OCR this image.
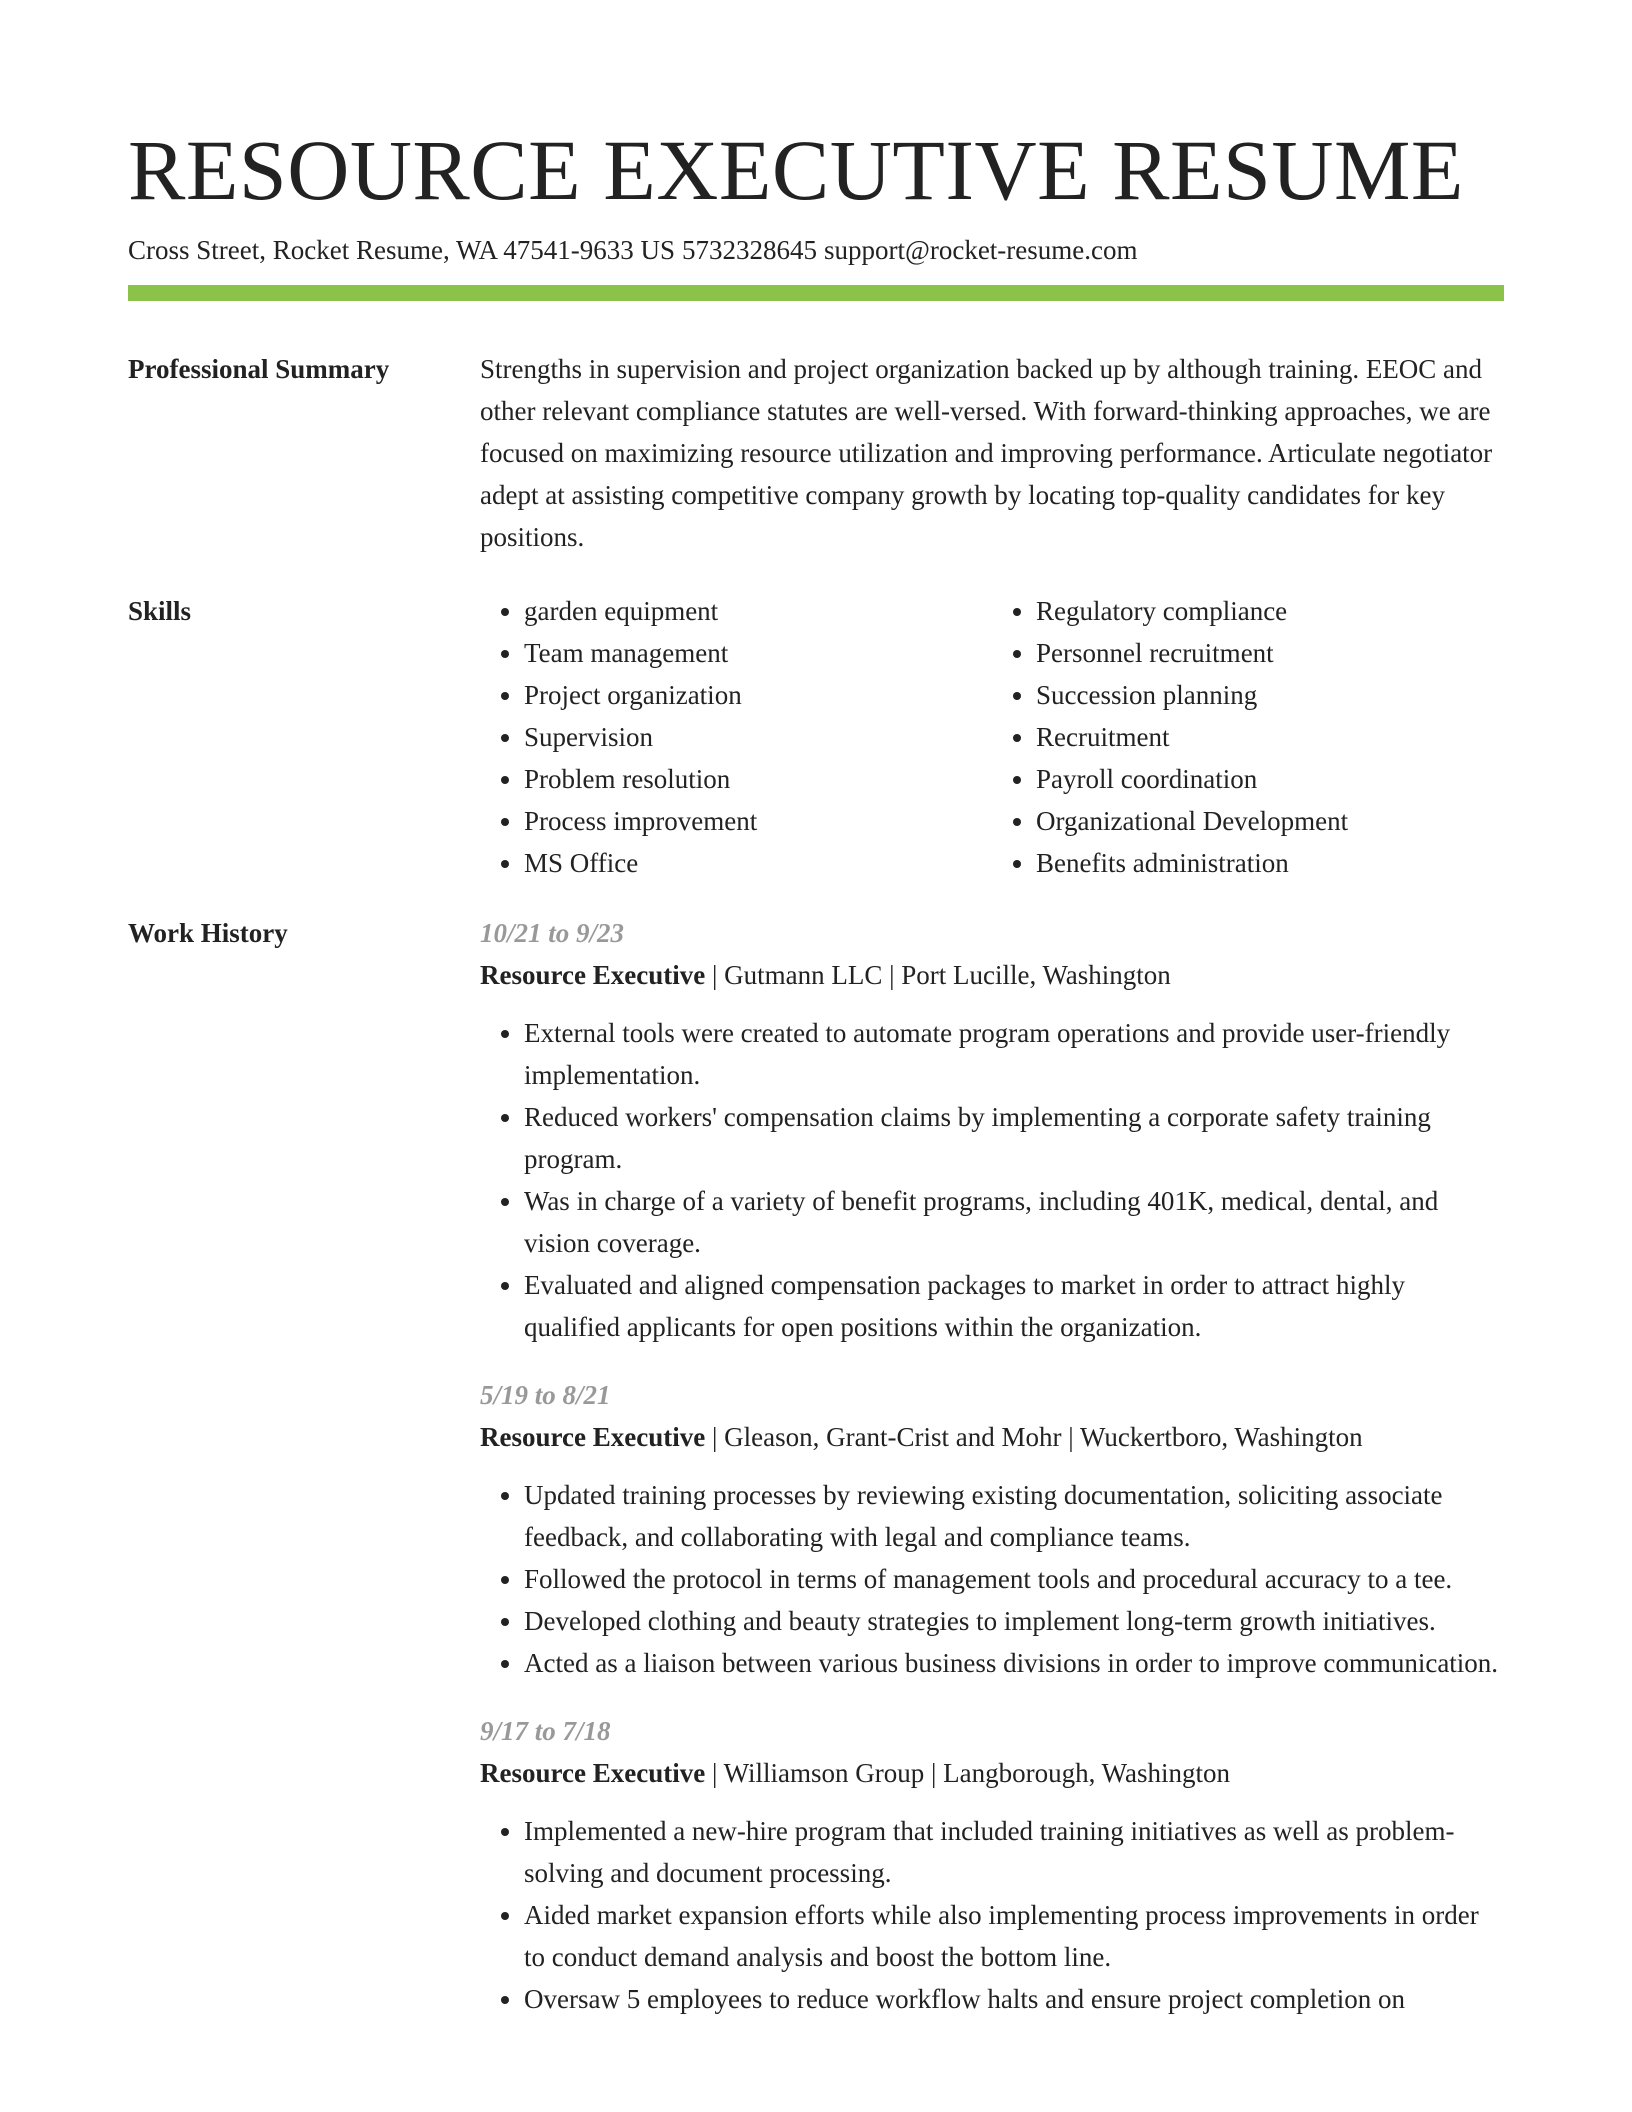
RESOURCE EXECUTIVE RESUME
Cross Street, Rocket Resume, WA 47541-9633 US 5732328645 support@rocket-resume.com
Professional Summary	Strengths in supervision and project organization backed up by although training. EEOC and other relevant compliance statutes are well-versed. With forward-thinking approaches, we are focused on maximizing resource utilization and improving performance. Articulate negotiator adept at assisting competitive company growth by locating top-quality candidates for key positions.

Skills
•	garden equipment
• Team management
• Project organization
• Supervision
• Problem resolution
• Process improvement
• MS Office
• Regulatory compliance
• Personnel recruitment
• Succession planning
• Recruitment
• Payroll coordination
• Organizational Development
• Benefits administration
Work History	10/21 to 9/23
Resource Executive | Gutmann LLC | Port Lucille, Washington
• External tools were created to automate program operations and provide user-friendly implementation.
• Reduced workers' compensation claims by implementing a corporate safety training program.
• Was in charge of a variety of benefit programs, including 401K, medical, dental, and vision coverage.
• Evaluated and aligned compensation packages to market in order to attract highly qualified applicants for open positions within the organization.
5/19 to 8/21
Resource Executive | Gleason, Grant-Crist and Mohr | Wuckertboro, Washington
• Updated training processes by reviewing existing documentation, soliciting associate feedback, and collaborating with legal and compliance teams.
• Followed the protocol in terms of management tools and procedural accuracy to a tee.
• Developed clothing and beauty strategies to implement long-term growth initiatives.
• Acted as a liaison between various business divisions in order to improve communication.
9/17 to 7/18
Resource Executive | Williamson Group | Langborough, Washington
• Implemented a new-hire program that included training initiatives as well as problem-solving and document processing.
• Aided market expansion efforts while also implementing process improvements in order to conduct demand analysis and boost the bottom line.
• Oversaw 5 employees to reduce workflow halts and ensure project completion on
